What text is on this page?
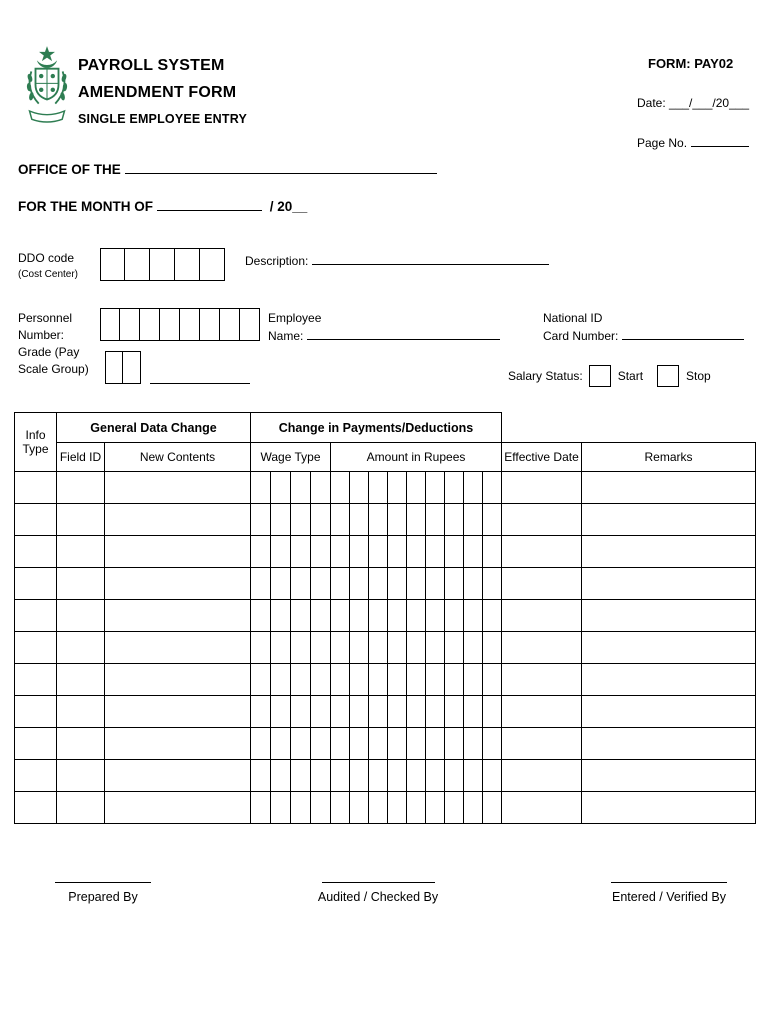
PAYROLL SYSTEM
AMENDMENT FORM
SINGLE EMPLOYEE ENTRY
FORM: PAY02
Date: ___/___/20___
Page No.
OFFICE OF THE
FOR THE MONTH OF	/ 20__
DDO code
(Cost Center)
Description:
Personnel
Number:
Employee
Name:
National ID
Card Number:
Grade (Pay
Scale Group)	Salary Status:	Start	Stop
Info Type	General Data Change		Change in Payments/Deductions														
	Field ID	New Contents	Wage Type				Amount in Rupees									Effective Date	Remarks

Prepared By	Audited / Checked By	Entered / Verified By
